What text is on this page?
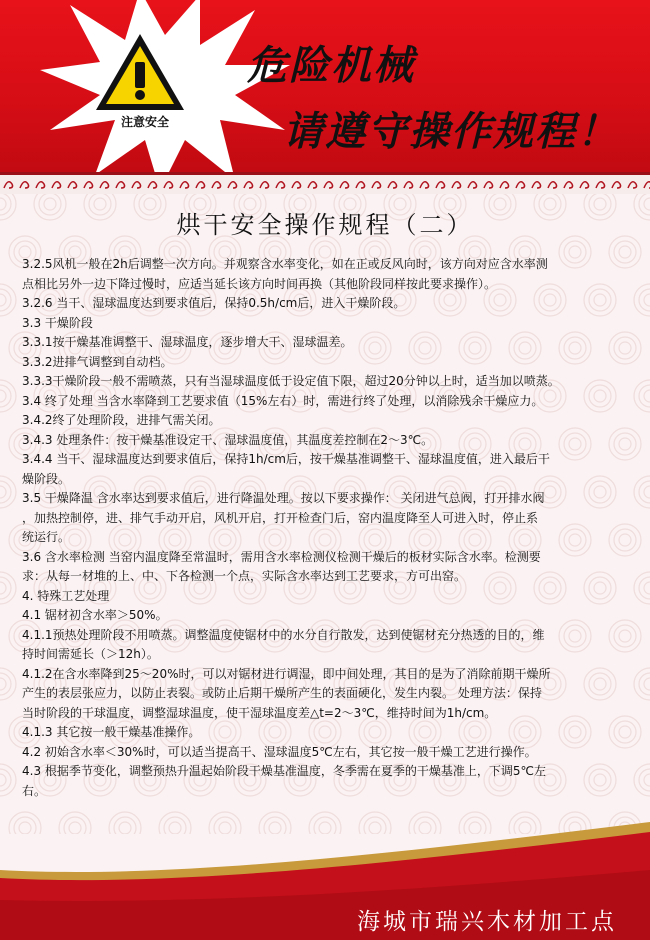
注意安全
危险机械
请遵守操作规程！
烘干安全操作规程（二）

3.2.5风机一般在2h后调整一次方向。并观察含水率变化，如在正或反风向时，该方向对应含水率测

点相比另外一边下降过慢时，应适当延长该方向时间再换（其他阶段同样按此要求操作）。

3.2.6 当干、湿球温度达到要求值后，保持0.5h/cm后，进入干燥阶段。

3.3 干燥阶段

3.3.1按干燥基准调整干、湿球温度，逐步增大干、湿球温差。

3.3.2进排气调整到自动档。

3.3.3干燥阶段一般不需喷蒸，只有当湿球温度低于设定值下限，超过20分钟以上时，适当加以喷蒸。

3.4 终了处理 当含水率降到工艺要求值（15%左右）时，需进行终了处理，以消除残余干燥应力。

3.4.2终了处理阶段，进排气需关闭。

3.4.3 处理条件：按干燥基准设定干、湿球温度值，其温度差控制在2～3℃。

3.4.4 当干、湿球温度达到要求值后，保持1h/cm后，按干燥基准调整干、湿球温度值，进入最后干

燥阶段。

3.5 干燥降温 含水率达到要求值后，进行降温处理。按以下要求操作： 关闭进气总阀，打开排水阀

，加热控制停，进、排气手动开启，风机开启，打开检查门后，窑内温度降至人可进入时，停止系

统运行。

3.6 含水率检测 当窑内温度降至常温时，需用含水率检测仪检测干燥后的板材实际含水率。检测要

求：从每一材堆的上、中、下各检测一个点，实际含水率达到工艺要求，方可出窑。

4. 特殊工艺处理

4.1 锯材初含水率＞50%。

4.1.1预热处理阶段不用喷蒸。调整温度使锯材中的水分自行散发，达到使锯材充分热透的目的，维

持时间需延长（＞12h）。

4.1.2在含水率降到25～20%时，可以对锯材进行调湿，即中间处理，其目的是为了消除前期干燥所

产生的表层张应力，以防止表裂。或防止后期干燥所产生的表面硬化，发生内裂。 处理方法：保持

当时阶段的干球温度，调整湿球温度，使干湿球温度差△t=2～3℃，维持时间为1h/cm。

4.1.3 其它按一般干燥基准操作。

4.2 初始含水率＜30%时，可以适当提高干、湿球温度5℃左右，其它按一般干燥工艺进行操作。

4.3 根据季节变化，调整预热升温起始阶段干燥基准温度，冬季需在夏季的干燥基准上，下调5℃左

右。

海城市瑞兴木材加工点
